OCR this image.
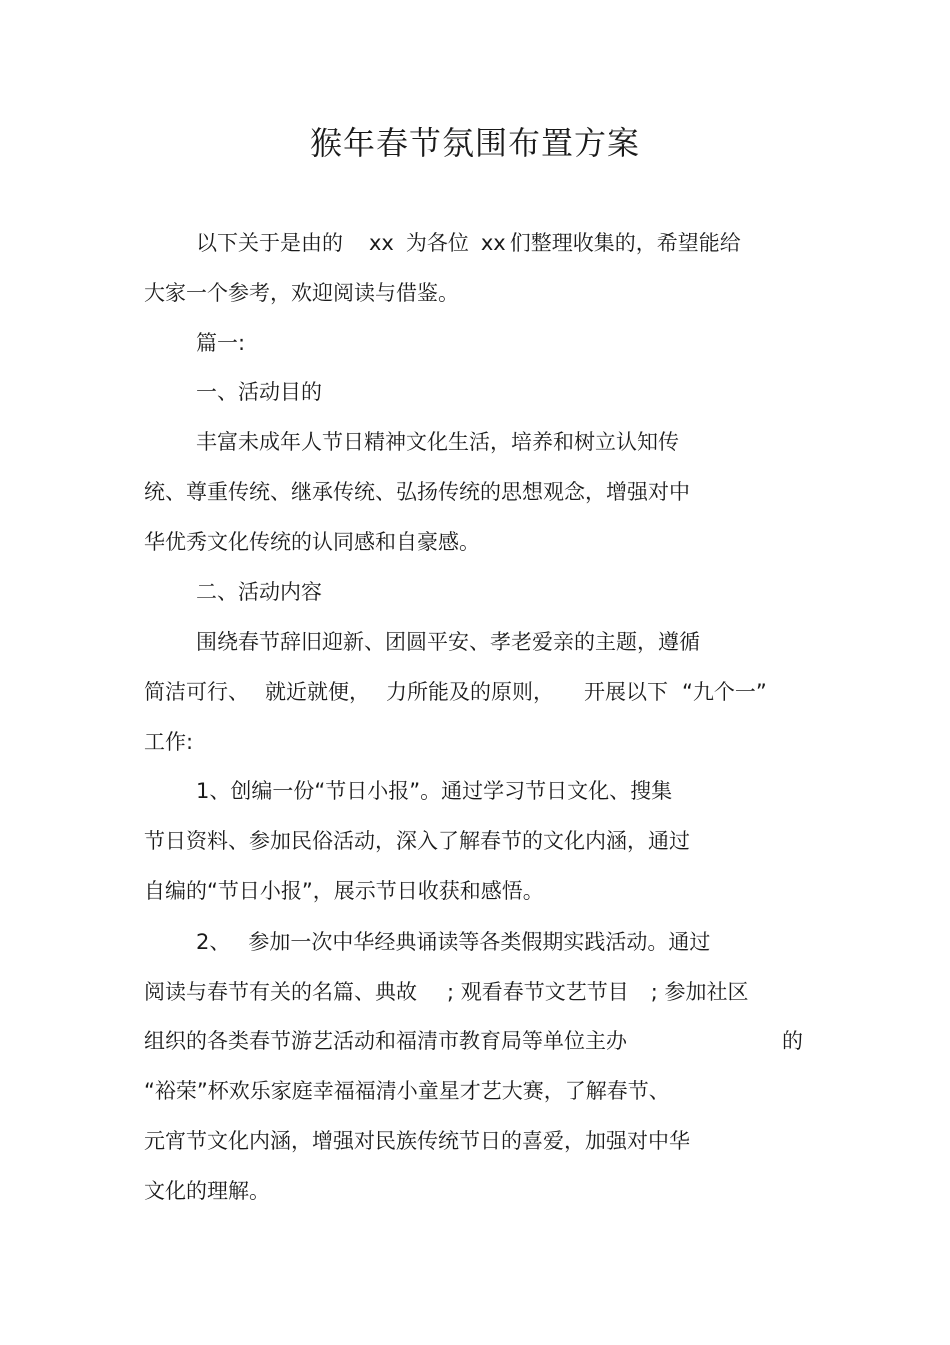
猴年春节氛围布置方案
以下关于是由的 xx 为各位 xx 们整理收集的，希望能给
大家一个参考，欢迎阅读与借鉴。
篇一:
一、活动目的
丰富未成年人节日精神文化生活，培养和树立认知传
统、尊重传统、继承传统、弘扬传统的思想观念，增强对中
华优秀文化传统的认同感和自豪感。
二、活动内容
围绕春节辞旧迎新、团圆平安、孝老爱亲的主题，遵循
简洁可行、 就近就便， 力所能及的原则， 开展以下 “九个一”
工作:
1、创编一份“节日小报”。通过学习节日文化、搜集
节日资料、参加民俗活动，深入了解春节的文化内涵，通过
自编的“节日小报”，展示节日收获和感悟。
2、 参加一次中华经典诵读等各类假期实践活动。通过
阅读与春节有关的名篇、典故 ; 观看春节文艺节目 ; 参加社区
组织的各类春节游艺活动和福清市教育局等单位主办	的
“裕荣”杯欢乐家庭幸福福清小童星才艺大赛，了解春节、
元宵节文化内涵，增强对民族传统节日的喜爱，加强对中华
文化的理解。
